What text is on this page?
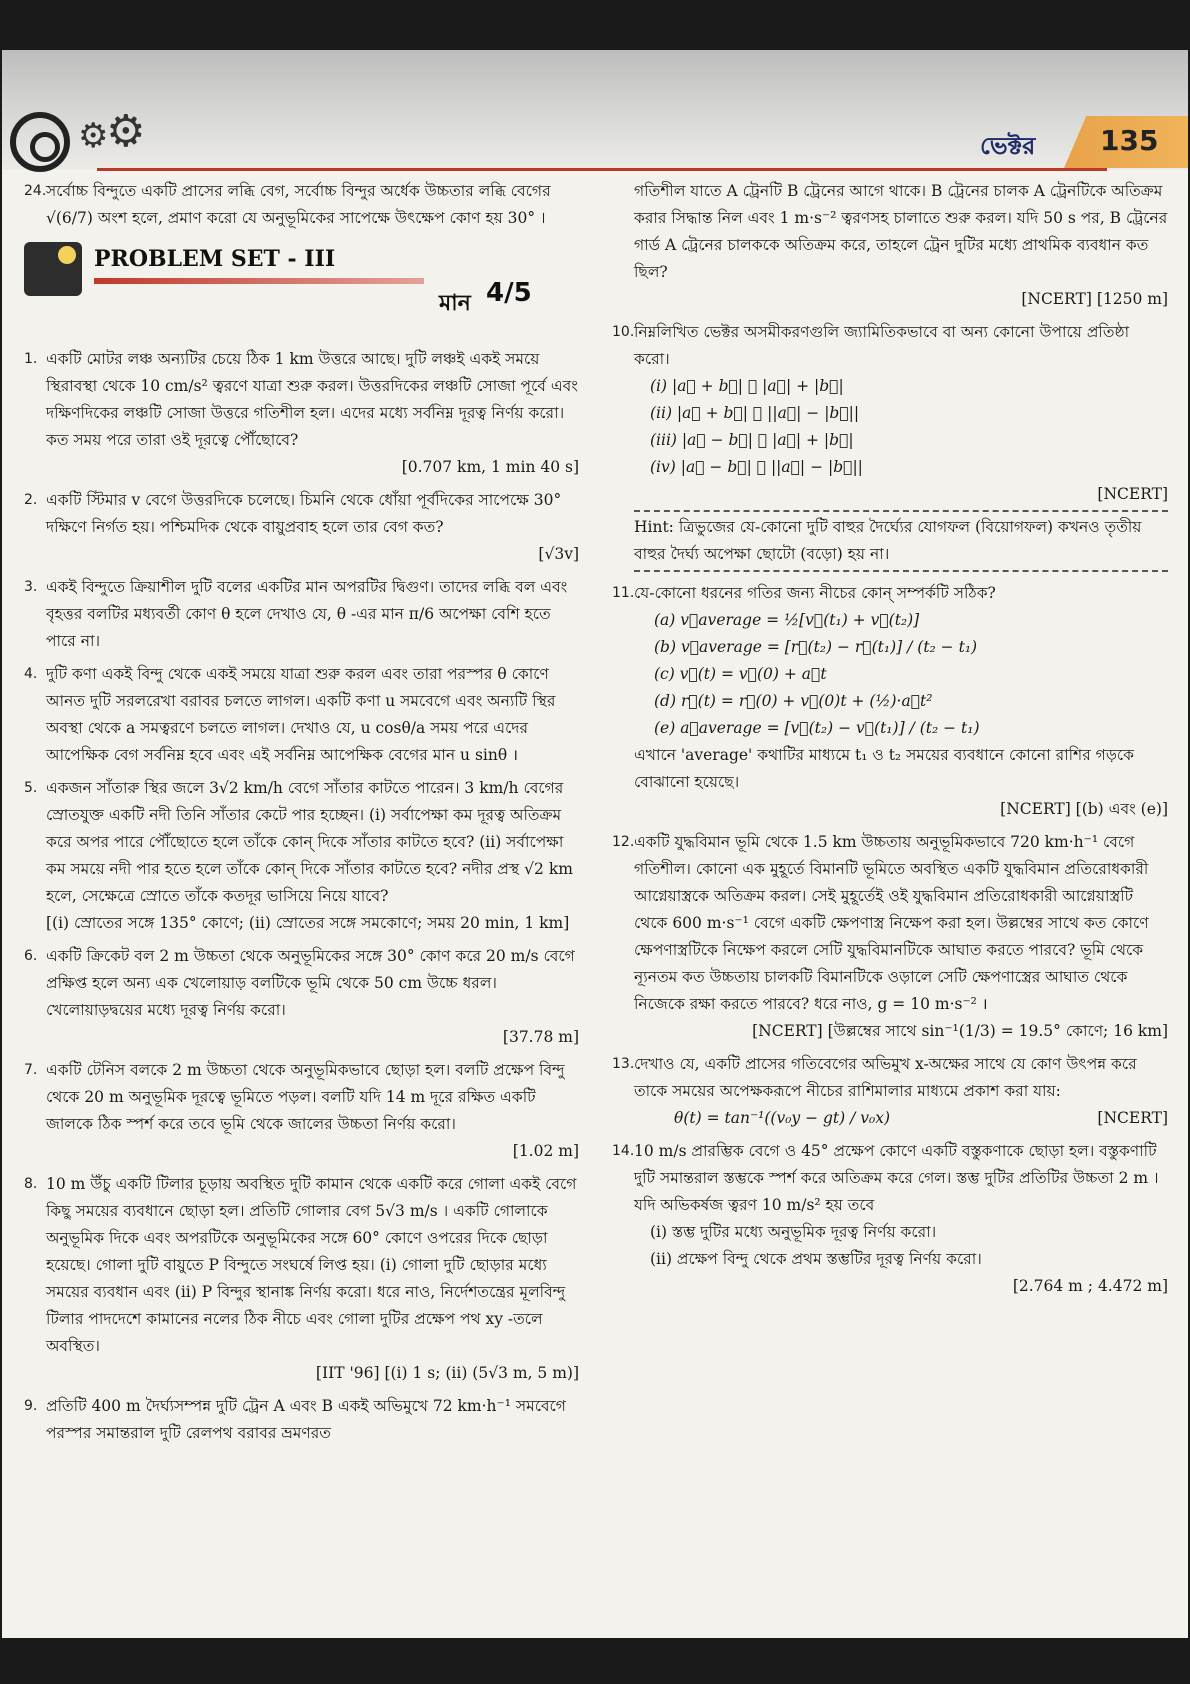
⚙
⚙	ভেক্টর 135
24. সর্বোচ্চ বিন্দুতে একটি প্রাসের লব্ধি বেগ, সর্বোচ্চ বিন্দুর অর্ধেক উচ্চতার লব্ধি বেগের √(6/7) অংশ হলে, প্রমাণ করো যে অনুভূমিকের সাপেক্ষে উৎক্ষেপ কোণ হয় 30° ।
PROBLEM SET - III
মান 4/5
1. একটি মোটর লঞ্চ অন্যটির চেয়ে ঠিক 1 km উত্তরে আছে। দুটি লঞ্চই একই সময়ে স্থিরাবস্থা থেকে 10 cm/s² ত্বরণে যাত্রা শুরু করল। উত্তরদিকের লঞ্চটি সোজা পূর্বে এবং দক্ষিণদিকের লঞ্চটি সোজা উত্তরে গতিশীল হল। এদের মধ্যে সর্বনিম্ন দূরত্ব নির্ণয় করো। কত সময় পরে তারা ওই দূরত্বে পৌঁছোবে?
[0.707 km, 1 min 40 s]
2. একটি স্টিমার v বেগে উত্তরদিকে চলেছে। চিমনি থেকে ধোঁয়া পূর্বদিকের সাপেক্ষে 30° দক্ষিণে নির্গত হয়। পশ্চিমদিক থেকে বায়ুপ্রবাহ হলে তার বেগ কত?
[√3v]
3. একই বিন্দুতে ক্রিয়াশীল দুটি বলের একটির মান অপরটির দ্বিগুণ। তাদের লব্ধি বল এবং বৃহত্তর বলটির মধ্যবর্তী কোণ θ হলে দেখাও যে, θ -এর মান π/6 অপেক্ষা বেশি হতে পারে না।
4. দুটি কণা একই বিন্দু থেকে একই সময়ে যাত্রা শুরু করল এবং তারা পরস্পর θ কোণে আনত দুটি সরলরেখা বরাবর চলতে লাগল। একটি কণা u সমবেগে এবং অন্যটি স্থির অবস্থা থেকে a সমত্বরণে চলতে লাগল। দেখাও যে, u cosθ/a সময় পরে এদের আপেক্ষিক বেগ সর্বনিম্ন হবে এবং এই সর্বনিম্ন আপেক্ষিক বেগের মান u sinθ ।
5. একজন সাঁতারু স্থির জলে 3√2 km/h বেগে সাঁতার কাটতে পারেন। 3 km/h বেগের স্রোতযুক্ত একটি নদী তিনি সাঁতার কেটে পার হচ্ছেন। (i) সর্বাপেক্ষা কম দূরত্ব অতিক্রম করে অপর পারে পৌঁছোতে হলে তাঁকে কোন্ দিকে সাঁতার কাটতে হবে? (ii) সর্বাপেক্ষা কম সময়ে নদী পার হতে হলে তাঁকে কোন্ দিকে সাঁতার কাটতে হবে? নদীর প্রস্থ √2 km হলে, সেক্ষেত্রে স্রোতে তাঁকে কতদূর ভাসিয়ে নিয়ে যাবে?
[(i) স্রোতের সঙ্গে 135° কোণে; (ii) স্রোতের সঙ্গে সমকোণে; সময় 20 min, 1 km]
6. একটি ক্রিকেট বল 2 m উচ্চতা থেকে অনুভূমিকের সঙ্গে 30° কোণ করে 20 m/s বেগে প্রক্ষিপ্ত হলে অন্য এক খেলোয়াড় বলটিকে ভূমি থেকে 50 cm উচ্চে ধরল। খেলোয়াড়দ্বয়ের মধ্যে দূরত্ব নির্ণয় করো।
[37.78 m]
7. একটি টেনিস বলকে 2 m উচ্চতা থেকে অনুভূমিকভাবে ছোড়া হল। বলটি প্রক্ষেপ বিন্দু থেকে 20 m অনুভূমিক দূরত্বে ভূমিতে পড়ল। বলটি যদি 14 m দূরে রক্ষিত একটি জালকে ঠিক স্পর্শ করে তবে ভূমি থেকে জালের উচ্চতা নির্ণয় করো।
[1.02 m]
8. 10 m উঁচু একটি টিলার চূড়ায় অবস্থিত দুটি কামান থেকে একটি করে গোলা একই বেগে কিছু সময়ের ব্যবধানে ছোড়া হল। প্রতিটি গোলার বেগ 5√3 m/s । একটি গোলাকে অনুভূমিক দিকে এবং অপরটিকে অনুভূমিকের সঙ্গে 60° কোণে ওপরের দিকে ছোড়া হয়েছে। গোলা দুটি বায়ুতে P বিন্দুতে সংঘর্ষে লিপ্ত হয়। (i) গোলা দুটি ছোড়ার মধ্যে সময়ের ব্যবধান এবং (ii) P বিন্দুর স্থানাঙ্ক নির্ণয় করো। ধরে নাও, নির্দেশতন্ত্রের মূলবিন্দু টিলার পাদদেশে কামানের নলের ঠিক নীচে এবং গোলা দুটির প্রক্ষেপ পথ xy -তলে অবস্থিত।
[IIT '96] [(i) 1 s; (ii) (5√3 m, 5 m)]
9. প্রতিটি 400 m দৈর্ঘ্যসম্পন্ন দুটি ট্রেন A এবং B একই অভিমুখে 72 km·h⁻¹ সমবেগে পরস্পর সমান্তরাল দুটি রেলপথ বরাবর ভ্রমণরত
গতিশীল যাতে A ট্রেনটি B ট্রেনের আগে থাকে। B ট্রেনের চালক A ট্রেনটিকে অতিক্রম করার সিদ্ধান্ত নিল এবং 1 m·s⁻² ত্বরণসহ চালাতে শুরু করল। যদি 50 s পর, B ট্রেনের গার্ড A ট্রেনের চালককে অতিক্রম করে, তাহলে ট্রেন দুটির মধ্যে প্রাথমিক ব্যবধান কত ছিল?
[NCERT] [1250 m]
10. নিম্নলিখিত ভেক্টর অসমীকরণগুলি জ্যামিতিকভাবে বা অন্য কোনো উপায়ে প্রতিষ্ঠা করো।
(i) |a⃗ + b⃗| ⩽ |a⃗| + |b⃗|
(ii) |a⃗ + b⃗| ⩾ ||a⃗| − |b⃗||
(iii) |a⃗ − b⃗| ⩽ |a⃗| + |b⃗|
(iv) |a⃗ − b⃗| ⩾ ||a⃗| − |b⃗||
[NCERT]
Hint: ত্রিভুজের যে-কোনো দুটি বাহুর দৈর্ঘ্যের যোগফল (বিয়োগফল) কখনও তৃতীয় বাহুর দৈর্ঘ্য অপেক্ষা ছোটো (বড়ো) হয় না।
11. যে-কোনো ধরনের গতির জন্য নীচের কোন্ সম্পর্কটি সঠিক?
(a) v⃗average = ½[v⃗(t₁) + v⃗(t₂)]
(b) v⃗average = [r⃗(t₂) − r⃗(t₁)] / (t₂ − t₁)
(c) v⃗(t) = v⃗(0) + a⃗t
(d) r⃗(t) = r⃗(0) + v⃗(0)t + (½)·a⃗t²
(e) a⃗average = [v⃗(t₂) − v⃗(t₁)] / (t₂ − t₁)
এখানে 'average' কথাটির মাধ্যমে t₁ ও t₂ সময়ের ব্যবধানে কোনো রাশির গড়কে বোঝানো হয়েছে।
[NCERT] [(b) এবং (e)]
12. একটি যুদ্ধবিমান ভূমি থেকে 1.5 km উচ্চতায় অনুভূমিকভাবে 720 km·h⁻¹ বেগে গতিশীল। কোনো এক মুহূর্তে বিমানটি ভূমিতে অবস্থিত একটি যুদ্ধবিমান প্রতিরোধকারী আগ্নেয়াস্ত্রকে অতিক্রম করল। সেই মুহূর্তেই ওই যুদ্ধবিমান প্রতিরোধকারী আগ্নেয়াস্ত্রটি থেকে 600 m·s⁻¹ বেগে একটি ক্ষেপণাস্ত্র নিক্ষেপ করা হল। উল্লম্বের সাথে কত কোণে ক্ষেপণাস্ত্রটিকে নিক্ষেপ করলে সেটি যুদ্ধবিমানটিকে আঘাত করতে পারবে? ভূমি থেকে ন্যূনতম কত উচ্চতায় চালকটি বিমানটিকে ওড়ালে সেটি ক্ষেপণাস্ত্রের আঘাত থেকে নিজেকে রক্ষা করতে পারবে? ধরে নাও, g = 10 m·s⁻² ।
[NCERT] [উল্লম্বের সাথে sin⁻¹(1/3) = 19.5° কোণে; 16 km]
13. দেখাও যে, একটি প্রাসের গতিবেগের অভিমুখ x-অক্ষের সাথে যে কোণ উৎপন্ন করে তাকে সময়ের অপেক্ষকরূপে নীচের রাশিমালার মাধ্যমে প্রকাশ করা যায়:
θ(t) = tan⁻¹((v₀y − gt) / v₀x)	[NCERT]
14. 10 m/s প্রারম্ভিক বেগে ও 45° প্রক্ষেপ কোণে একটি বস্তুকণাকে ছোড়া হল। বস্তুকণাটি দুটি সমান্তরাল স্তম্ভকে স্পর্শ করে অতিক্রম করে গেল। স্তম্ভ দুটির প্রতিটির উচ্চতা 2 m । যদি অভিকর্ষজ ত্বরণ 10 m/s² হয় তবে
(i) স্তম্ভ দুটির মধ্যে অনুভূমিক দূরত্ব নির্ণয় করো।
(ii) প্রক্ষেপ বিন্দু থেকে প্রথম স্তম্ভটির দূরত্ব নির্ণয় করো।
[2.764 m ; 4.472 m]
